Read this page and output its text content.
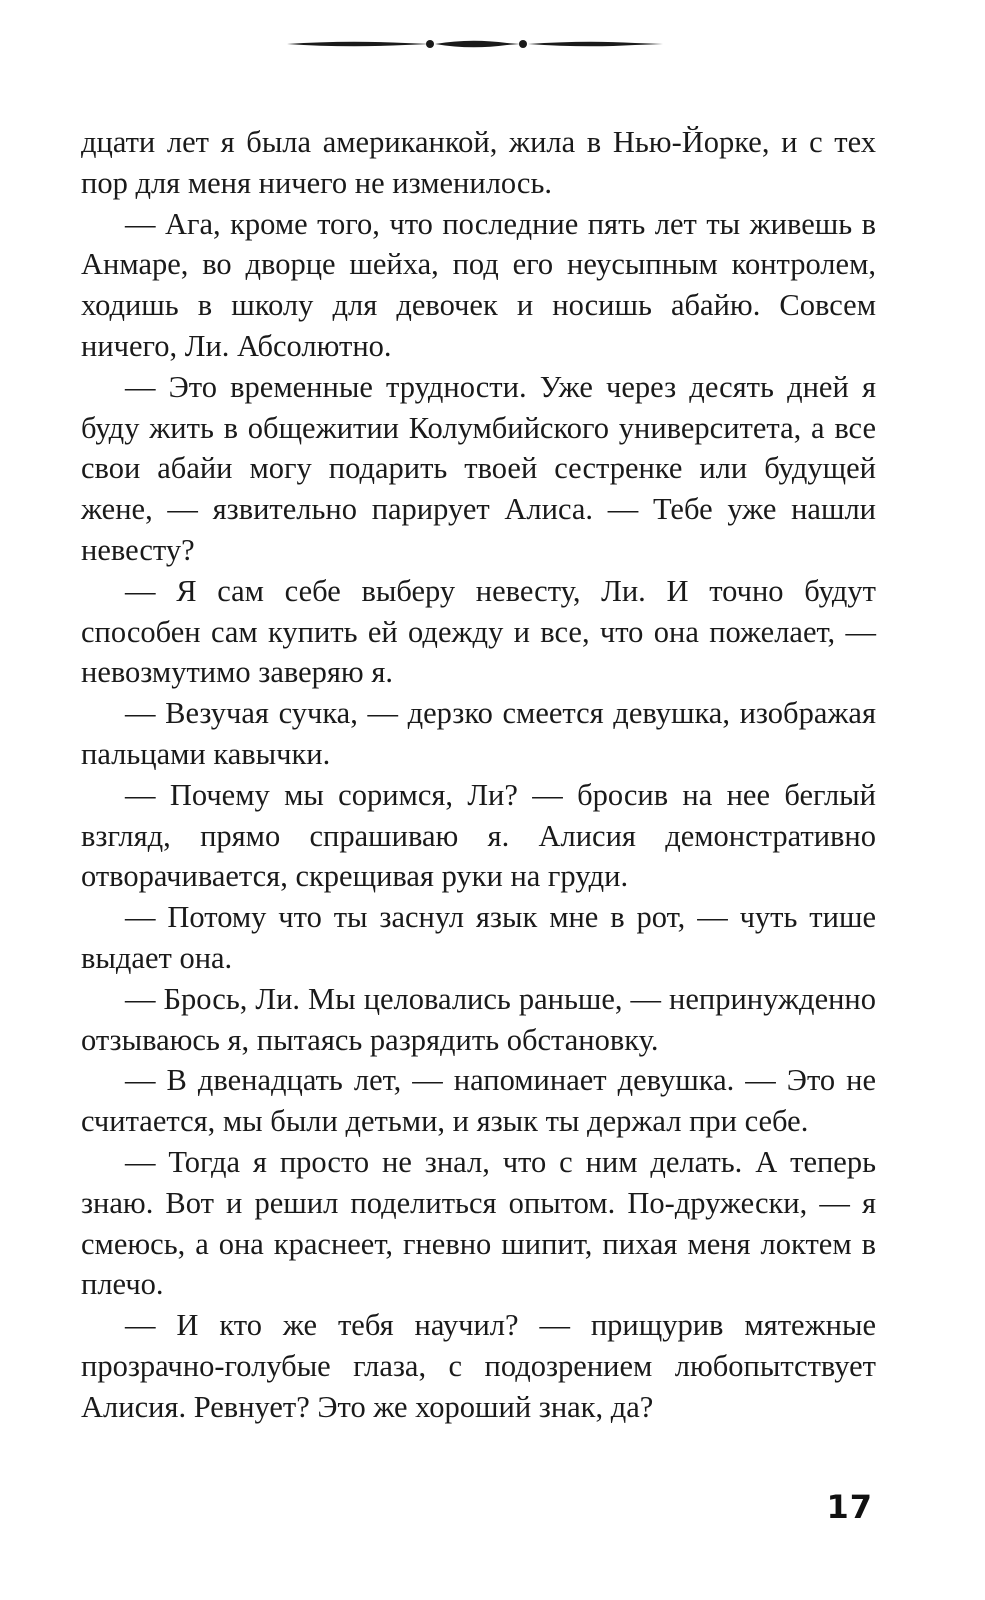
дцати лет я была американкой, жила в Нью-Йорке, и с тех пор для меня ничего не изменилось.

— Ага, кроме того, что последние пять лет ты живешь в Анмаре, во дворце шейха, под его неусыпным контролем, ходишь в школу для девочек и носишь абайю. Совсем ничего, Ли. Абсолютно.

— Это временные трудности. Уже через десять дней я буду жить в общежитии Колумбийского университета, а все свои абайи могу подарить твоей сестренке или будущей жене, — язвительно парирует Алиса. — Тебе уже нашли невесту?

— Я сам себе выберу невесту, Ли. И точно будут способен сам купить ей одежду и все, что она пожелает, — невозмутимо заверяю я.

— Везучая сучка, — дерзко смеется девушка, изображая пальцами кавычки.

— Почему мы соримся, Ли? — бросив на нее беглый взгляд, прямо спрашиваю я. Алисия демонстративно отворачивается, скрещивая руки на груди.

— Потому что ты заснул язык мне в рот, — чуть тише выдает она.

— Брось, Ли. Мы целовались раньше, — непринужденно отзываюсь я, пытаясь разрядить обстановку.

— В двенадцать лет, — напоминает девушка. — Это не считается, мы были детьми, и язык ты держал при себе.

— Тогда я просто не знал, что с ним делать. А теперь знаю. Вот и решил поделиться опытом. По-дружески, — я смеюсь, а она краснеет, гневно шипит, пихая меня локтем в плечо.

— И кто же тебя научил? — прищурив мятежные прозрачно-голубые глаза, с подозрением любопытствует Алисия. Ревнует? Это же хороший знак, да?

17
